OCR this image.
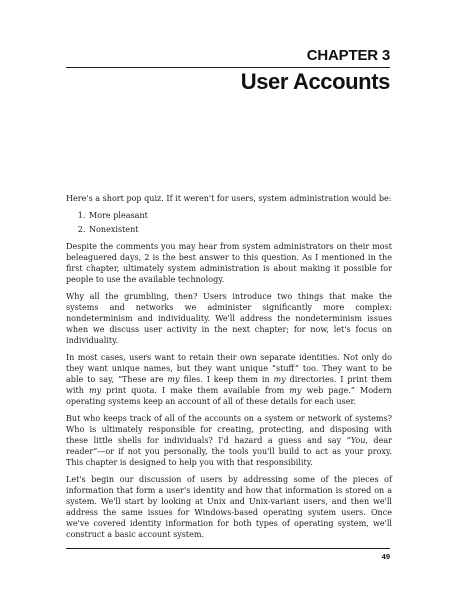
CHAPTER 3
User Accounts

Here's a short pop quiz. If it weren't for users, system administration would be:

1. More pleasant
2. Nonexistent

Despite the comments you may hear from system administrators on their most beleaguered days, 2 is the best answer to this question. As I mentioned in the first chapter, ultimately system administration is about making it possible for people to use the available technology.

Why all the grumbling, then? Users introduce two things that make the systems and networks we administer significantly more complex: nondeterminism and individuality. We'll address the nondeterminism issues when we discuss user activity in the next chapter; for now, let's focus on individuality.

In most cases, users want to retain their own separate identities. Not only do they want unique names, but they want unique “stuff” too. They want to be able to say, “These are my files. I keep them in my directories. I print them with my print quota. I make them available from my web page.” Modern operating systems keep an account of all of these details for each user.

But who keeps track of all of the accounts on a system or network of systems? Who is ultimately responsible for creating, protecting, and disposing with these little shells for individuals? I'd hazard a guess and say “You, dear reader”—or if not you personally, the tools you'll build to act as your proxy. This chapter is designed to help you with that responsibility.

Let's begin our discussion of users by addressing some of the pieces of information that form a user's identity and how that information is stored on a system. We'll start by looking at Unix and Unix-variant users, and then we'll address the same issues for Windows-based operating system users. Once we've covered identity information for both types of operating system, we'll construct a basic account system.

49
